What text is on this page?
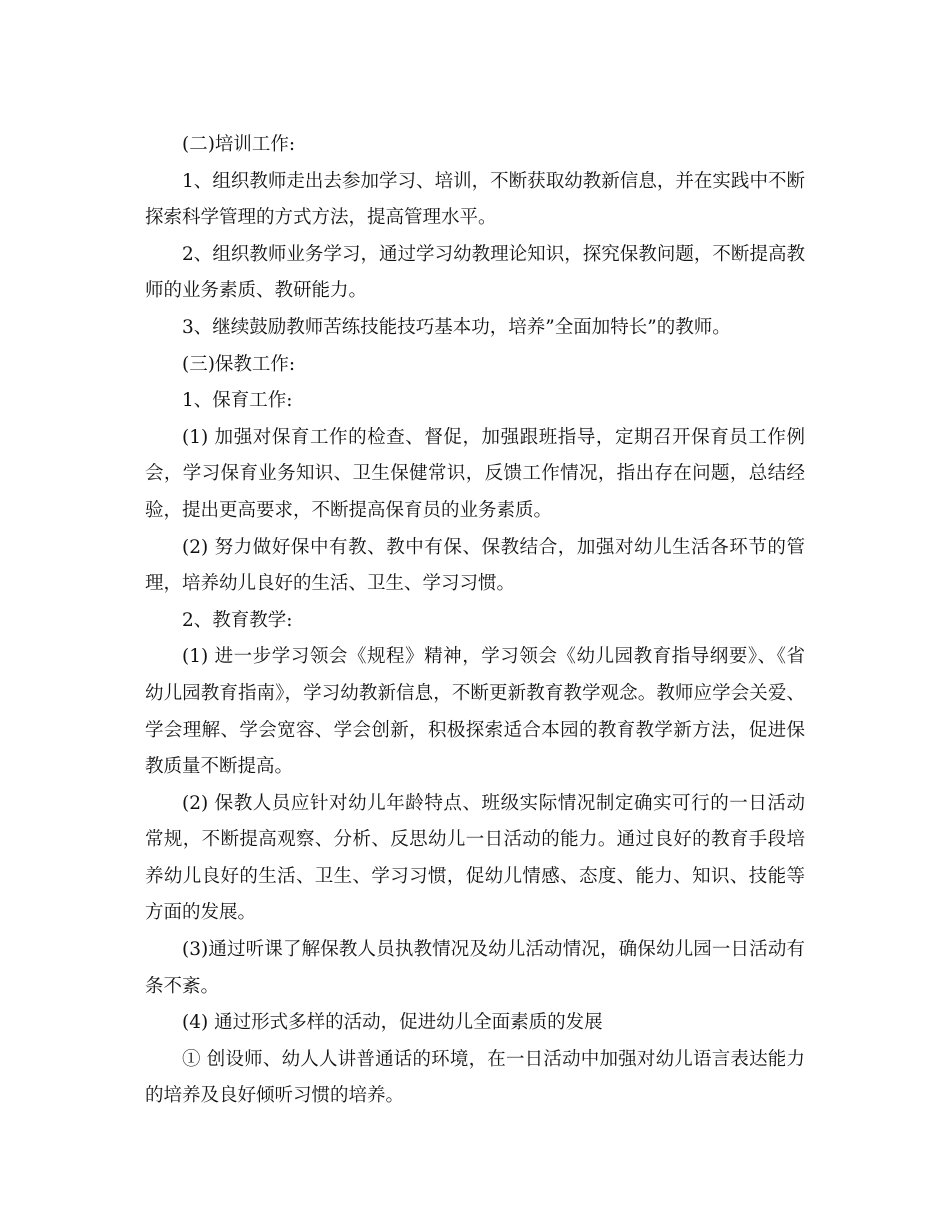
(二)培训工作:

1、组织教师走出去参加学习、培训，不断获取幼教新信息，并在实践中不断探索科学管理的方式方法，提高管理水平。

2、组织教师业务学习，通过学习幼教理论知识，探究保教问题，不断提高教师的业务素质、教研能力。

3、继续鼓励教师苦练技能技巧基本功，培养”全面加特长”的教师。

(三)保教工作:

1、保育工作:

(1) 加强对保育工作的检查、督促，加强跟班指导，定期召开保育员工作例会，学习保育业务知识、卫生保健常识，反馈工作情况，指出存在问题，总结经验，提出更高要求，不断提高保育员的业务素质。

(2) 努力做好保中有教、教中有保、保教结合，加强对幼儿生活各环节的管理，培养幼儿良好的生活、卫生、学习习惯。

2、教育教学:

(1) 进一步学习领会《规程》精神，学习领会《幼儿园教育指导纲要》、《省幼儿园教育指南》，学习幼教新信息，不断更新教育教学观念。教师应学会关爱、学会理解、学会宽容、学会创新，积极探索适合本园的教育教学新方法，促进保教质量不断提高。

(2) 保教人员应针对幼儿年龄特点、班级实际情况制定确实可行的一日活动常规，不断提高观察、分析、反思幼儿一日活动的能力。通过良好的教育手段培养幼儿良好的生活、卫生、学习习惯，促幼儿情感、态度、能力、知识、技能等方面的发展。

(3)通过听课了解保教人员执教情况及幼儿活动情况，确保幼儿园一日活动有条不紊。

(4) 通过形式多样的活动，促进幼儿全面素质的发展

① 创设师、幼人人讲普通话的环境，在一日活动中加强对幼儿语言表达能力的培养及良好倾听习惯的培养。
